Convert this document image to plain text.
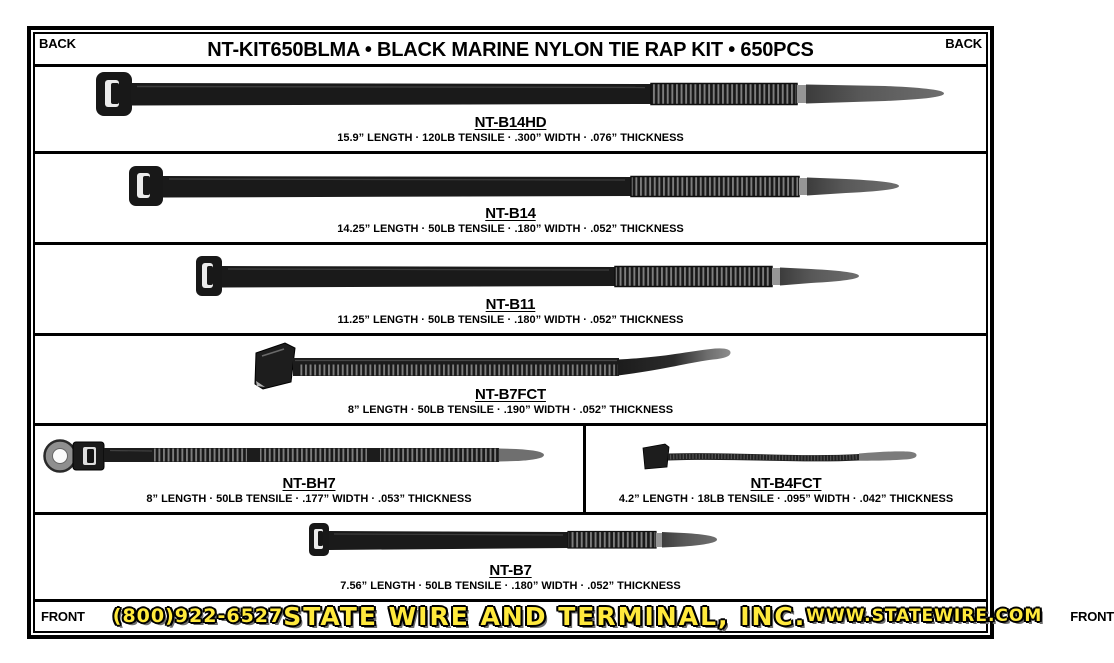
BACK	NT-KIT650BLMA • BLACK MARINE NYLON TIE RAP KIT • 650PCS	BACK
NT-B14HD
15.9” LENGTH · 120LB TENSILE · .300” WIDTH · .076” THICKNESS
NT-B14
14.25” LENGTH · 50LB TENSILE · .180” WIDTH · .052” THICKNESS
NT-B11
11.25” LENGTH · 50LB TENSILE · .180” WIDTH · .052” THICKNESS
NT-B7FCT
8” LENGTH · 50LB TENSILE · .190” WIDTH · .052” THICKNESS
NT-BH7
8” LENGTH · 50LB TENSILE · .177” WIDTH · .053” THICKNESS
NT-B4FCT
4.2” LENGTH · 18LB TENSILE · .095” WIDTH · .042” THICKNESS
NT-B7
7.56” LENGTH · 50LB TENSILE · .180” WIDTH · .052” THICKNESS
FRONT (800)922-6527 STATE WIRE AND TERMINAL, INC. WWW.STATEWIRE.COM FRONT
